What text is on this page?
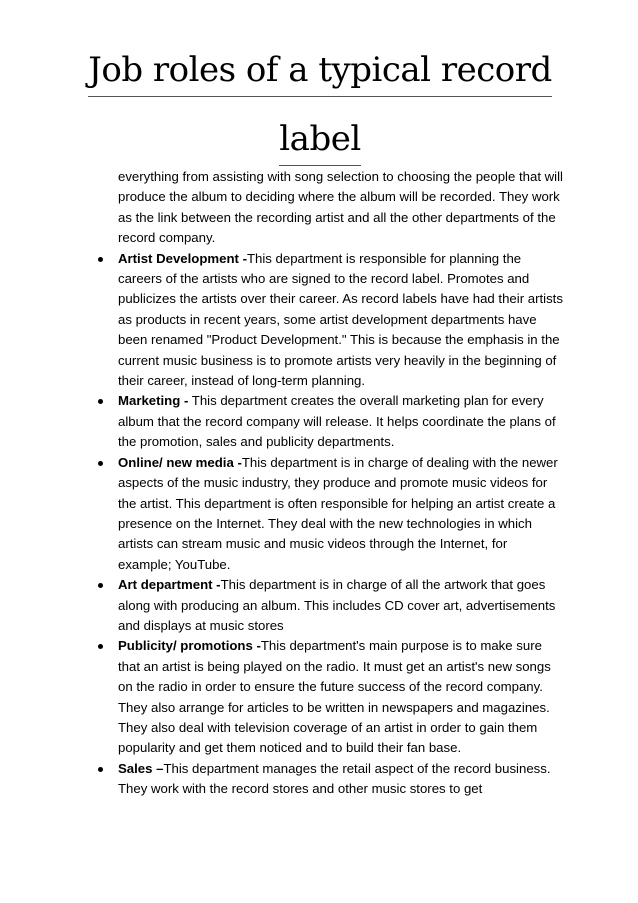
Job roles of a typical record
label

everything from assisting with song selection to choosing the people that will produce the album to deciding where the album will be recorded. They work as the link between the recording artist and all the other departments of the record company.

Artist Development -This department is responsible for planning the careers of the artists who are signed to the record label. Promotes and publicizes the artists over their career. As record labels have had their artists as products in recent years, some artist development departments have been renamed "Product Development." This is because the emphasis in the current music business is to promote artists very heavily in the beginning of their career, instead of long-term planning.
Marketing - This department creates the overall marketing plan for every album that the record company will release. It helps coordinate the plans of the promotion, sales and publicity departments.
Online/ new media -This department is in charge of dealing with the newer aspects of the music industry, they produce and promote music videos for the artist. This department is often responsible for helping an artist create a presence on the Internet. They deal with the new technologies in which artists can stream music and music videos through the Internet, for example; YouTube.
Art department -This department is in charge of all the artwork that goes along with producing an album. This includes CD cover art, advertisements and displays at music stores
Publicity/ promotions -This department's main purpose is to make sure that an artist is being played on the radio. It must get an artist's new songs on the radio in order to ensure the future success of the record company. They also arrange for articles to be written in newspapers and magazines. They also deal with television coverage of an artist in order to gain them popularity and get them noticed and to build their fan base.
Sales –This department manages the retail aspect of the record business. They work with the record stores and other music stores to get
